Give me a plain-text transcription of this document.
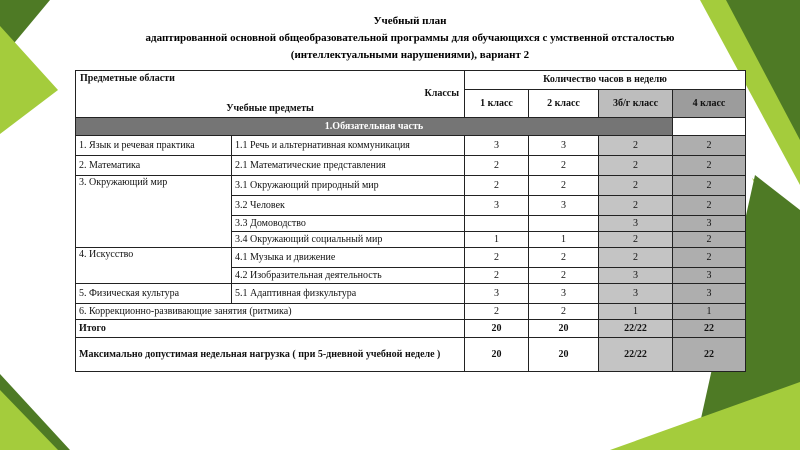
Учебный план
адаптированной основной общеобразовательной программы для обучающихся с умственной отсталостью
(интеллектуальными нарушениями), вариант 2
Предметные области
Классы
Учебные предметы		Количество часов в неделю			
		1 класс	2 класс	3б/г класс	4 класс
1.Обязательная часть					
1. Язык и речевая практика	1.1 Речь и альтернативная коммуникация	3	3	2	2
2. Математика	2.1 Математические представления	2	2	2	2
3. Окружающий мир	3.1 Окружающий природный мир	2	2	2	2
	3.2 Человек	3	3	2	2
	3.3 Домоводство			3	3
	3.4 Окружающий социальный мир	1	1	2	2
4. Искусство	4.1 Музыка и движение	2	2	2	2
	4.2 Изобразительная деятельность	2	2	3	3
5. Физическая культура	5.1 Адаптивная физкультура	3	3	3	3
6. Коррекционно-развивающие занятия (ритмика)		2	2	1	1
Итого		20	20	22/22	22
Максимально допустимая недельная нагрузка ( при 5-дневной учебной неделе )		20	20	22/22	22
